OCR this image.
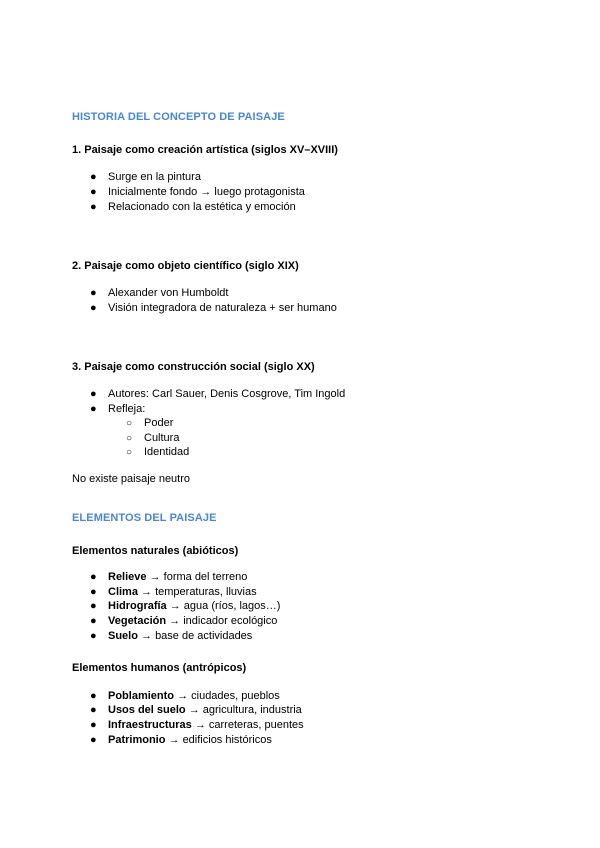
HISTORIA DEL CONCEPTO DE PAISAJE
1. Paisaje como creación artística (siglos XV–XVIII)
● Surge en la pintura
● Inicialmente fondo → luego protagonista
● Relacionado con la estética y emoción
2. Paisaje como objeto científico (siglo XIX)
● Alexander von Humboldt
● Visión integradora de naturaleza + ser humano
3. Paisaje como construcción social (siglo XX)
● Autores: Carl Sauer, Denis Cosgrove, Tim Ingold
● Refleja:
○ Poder
○ Cultura
○ Identidad
No existe paisaje neutro
ELEMENTOS DEL PAISAJE
Elementos naturales (abióticos)
● Relieve → forma del terreno
● Clima → temperaturas, lluvias
● Hidrografía → agua (ríos, lagos…)
● Vegetación → indicador ecológico
● Suelo → base de actividades
Elementos humanos (antrópicos)
● Poblamiento → ciudades, pueblos
● Usos del suelo → agricultura, industria
● Infraestructuras → carreteras, puentes
● Patrimonio → edificios históricos
